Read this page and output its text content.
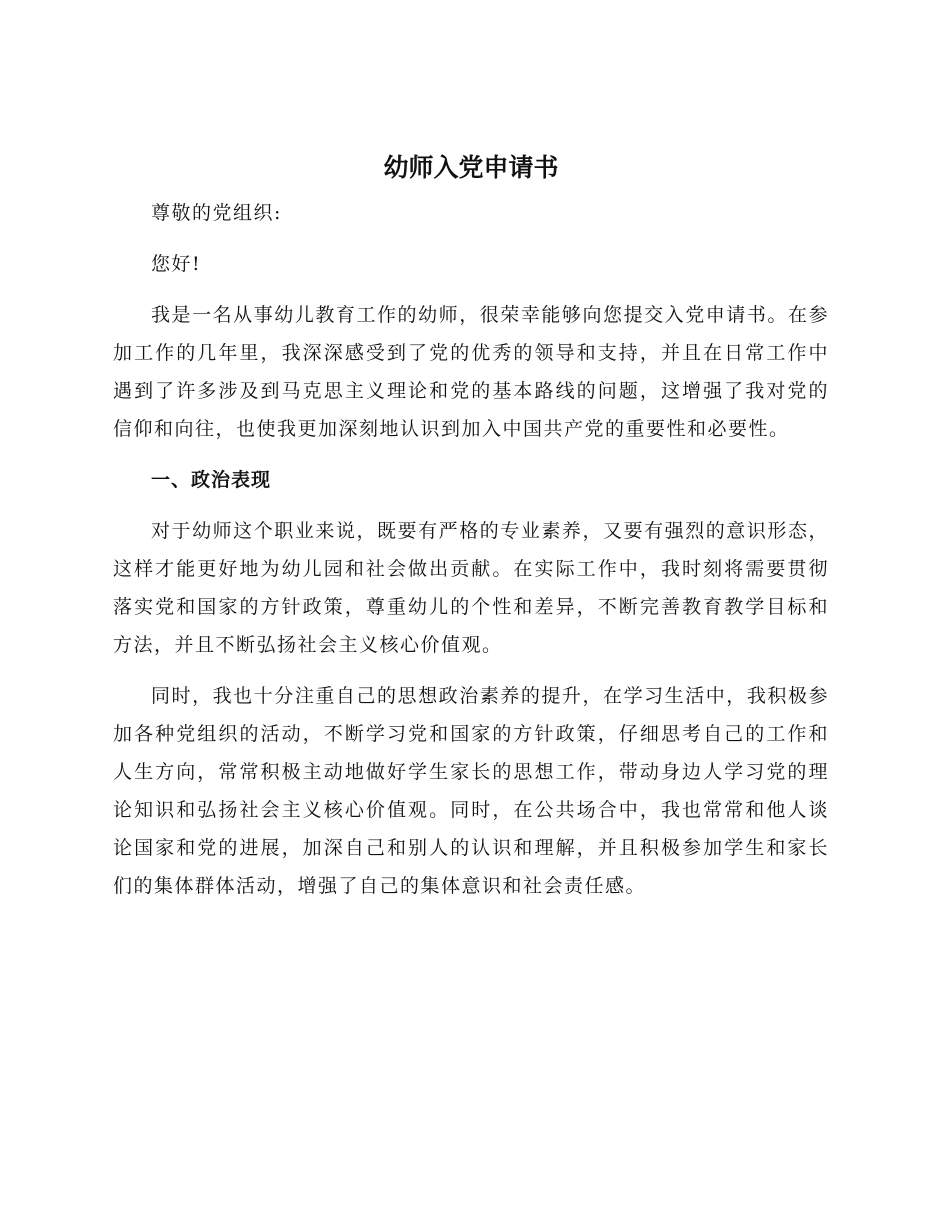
幼师入党申请书

尊敬的党组织:

您好!

我是一名从事幼儿教育工作的幼师，很荣幸能够向您提交入党申请书。在参加工作的几年里，我深深感受到了党的优秀的领导和支持，并且在日常工作中遇到了许多涉及到马克思主义理论和党的基本路线的问题，这增强了我对党的信仰和向往，也使我更加深刻地认识到加入中国共产党的重要性和必要性。

一、政治表现

对于幼师这个职业来说，既要有严格的专业素养，又要有强烈的意识形态，这样才能更好地为幼儿园和社会做出贡献。在实际工作中，我时刻将需要贯彻落实党和国家的方针政策，尊重幼儿的个性和差异，不断完善教育教学目标和方法，并且不断弘扬社会主义核心价值观。

同时，我也十分注重自己的思想政治素养的提升，在学习生活中，我积极参加各种党组织的活动，不断学习党和国家的方针政策，仔细思考自己的工作和人生方向，常常积极主动地做好学生家长的思想工作，带动身边人学习党的理论知识和弘扬社会主义核心价值观。同时，在公共场合中，我也常常和他人谈论国家和党的进展，加深自己和别人的认识和理解，并且积极参加学生和家长们的集体群体活动，增强了自己的集体意识和社会责任感。
